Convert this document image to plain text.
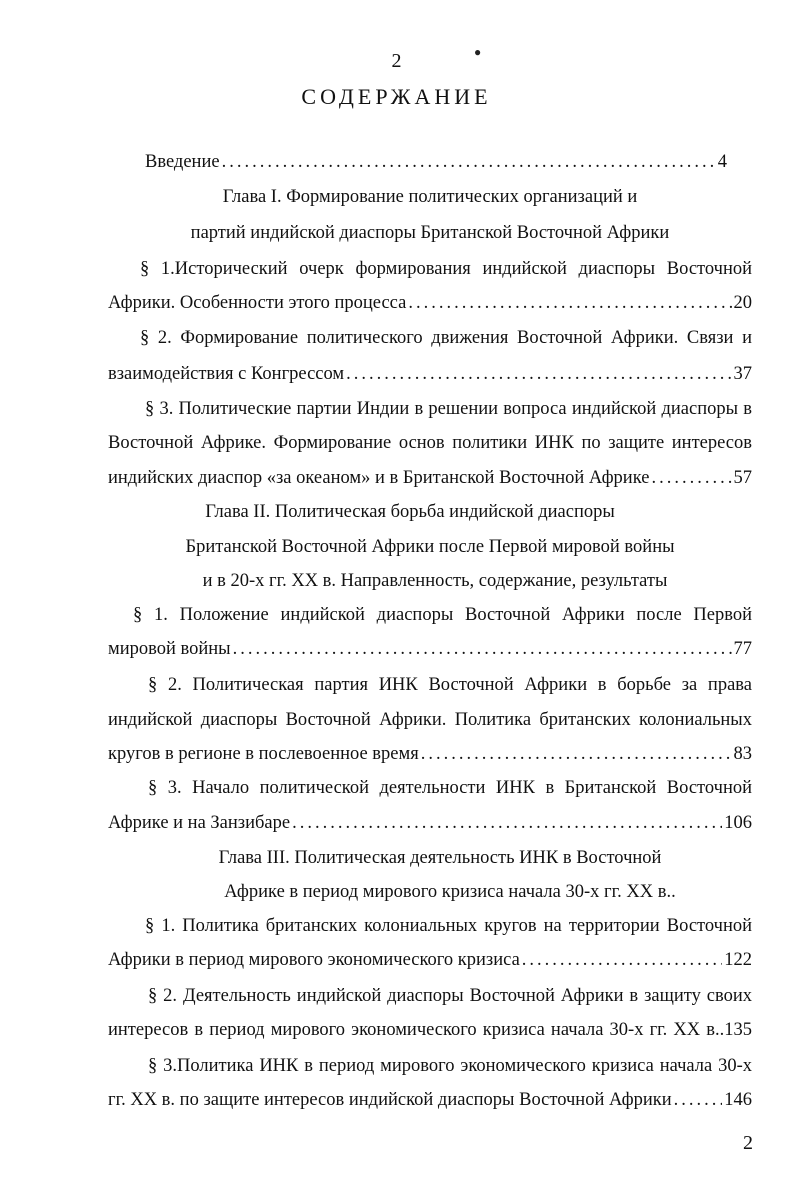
2	●
СОДЕРЖАНИЕ
Введение .....	4
Глава I. Формирование политических организаций и
партий индийской диаспоры Британской Восточной Африки
§ 1.Исторический очерк формирования индийской диаспоры Восточной
Африки. Особенности этого процесса .....	20
§ 2. Формирование политического движения Восточной Африки. Связи и
взаимодействия с Конгрессом .....	37
§ 3. Политические партии Индии в решении вопроса индийской диаспоры в
Восточной Африке. Формирование основ политики ИНК по защите интересов
индийских диаспор «за океаном» и в Британской Восточной Африке .....	57
Глава II. Политическая борьба индийской диаспоры
Британской Восточной Африки после Первой мировой войны
и в 20-х гг. XX в. Направленность, содержание, результаты
§ 1. Положение индийской диаспоры Восточной Африки после Первой
мировой войны .....	77
§ 2. Политическая партия ИНК Восточной Африки в борьбе за права
индийской диаспоры Восточной Африки. Политика британских колониальных
кругов в регионе в послевоенное время .....	83
§ 3. Начало политической деятельности ИНК в Британской Восточной
Африке и на Занзибаре .....	106
Глава III. Политическая деятельность ИНК в Восточной
Африке в период мирового кризиса начала 30-х гг. XX в..
§ 1. Политика британских колониальных кругов на территории Восточной
Африки в период мирового экономического кризиса .....	122
§ 2. Деятельность индийской диаспоры Восточной Африки в защиту своих
интересов в период мирового экономического кризиса начала 30-х гг. XX в..135
§ 3.Политика ИНК в период мирового экономического кризиса начала 30-х
гг. XX в. по защите интересов индийской диаспоры Восточной Африки .....	146
2
